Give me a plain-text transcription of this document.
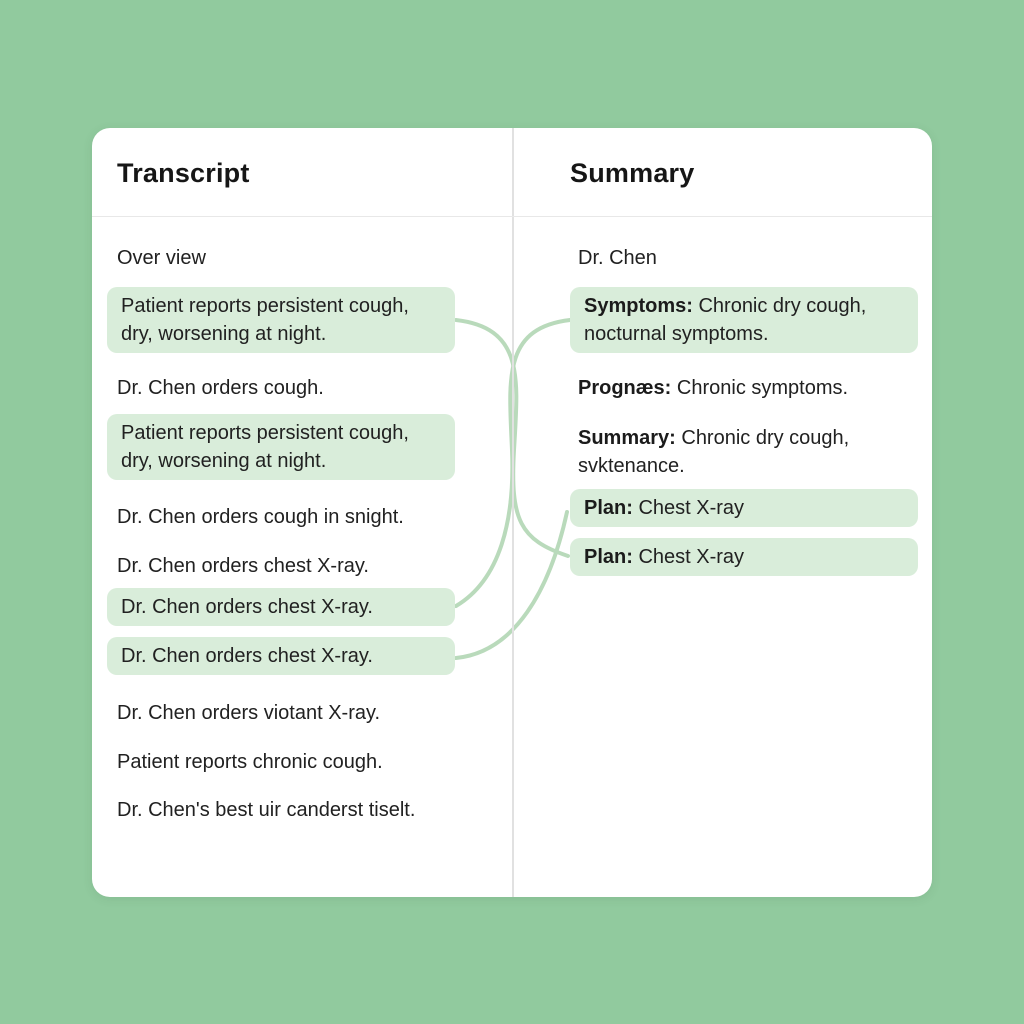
Transcript	Summary
Over view
Patient reports persistent cough, dry, worsening at night.
Dr. Chen orders cough.
Patient reports persistent cough, dry, worsening at night.
Dr. Chen orders cough in snight.
Dr. Chen orders chest X-ray.
Dr. Chen orders chest X-ray.
Dr. Chen orders chest X-ray.
Dr. Chen orders viotant X-ray.
Patient reports chronic cough.
Dr. Chen's best uir canderst tiselt.
Dr. Chen
Symptoms: Chronic dry cough, nocturnal symptoms.
Prognæs: Chronic symptoms.
Summary: Chronic dry cough, svktenance.
Plan: Chest X-ray
Plan: Chest X-ray
